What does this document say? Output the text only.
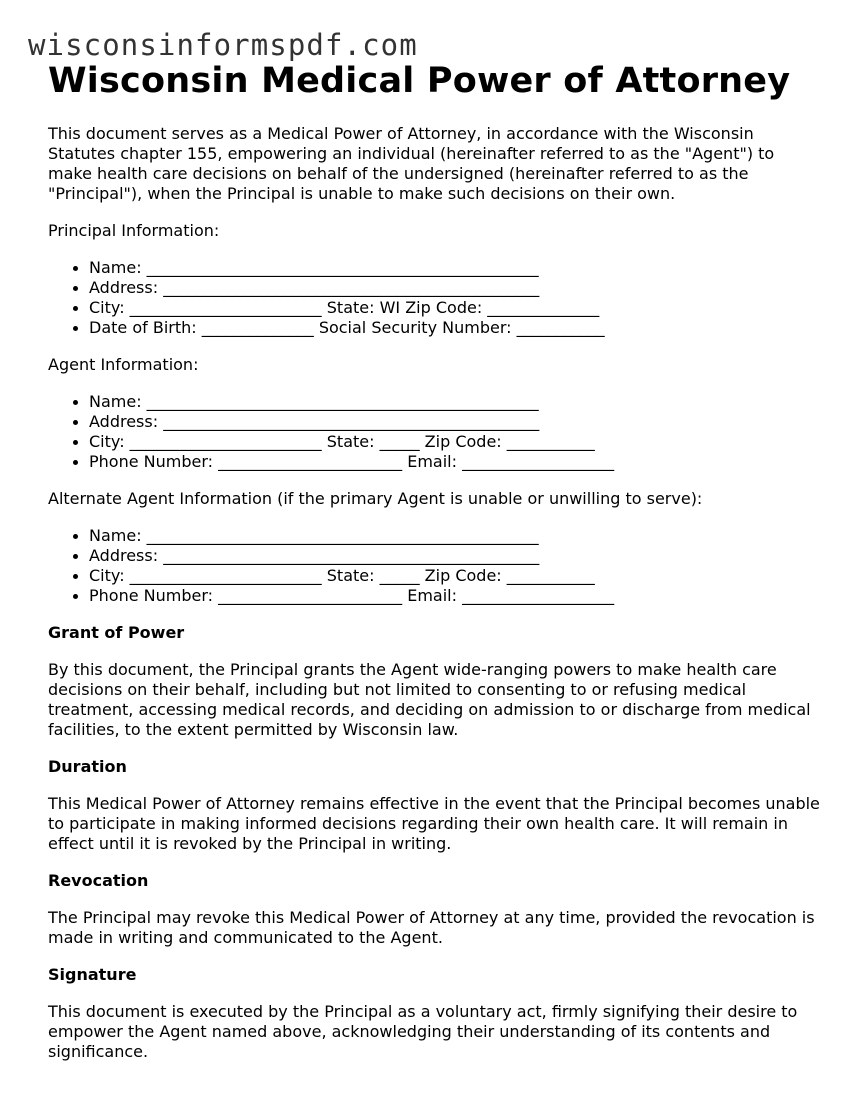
wisconsinformspdf.com
Wisconsin Medical Power of Attorney

This document serves as a Medical Power of Attorney, in accordance with the Wisconsin Statutes chapter 155, empowering an individual (hereinafter referred to as the "Agent") to make health care decisions on behalf of the undersigned (hereinafter referred to as the "Principal"), when the Principal is unable to make such decisions on their own.

Principal Information:

Name: _________________________________________________
Address: _______________________________________________
City: ________________________ State: WI Zip Code: ______________
Date of Birth: ______________ Social Security Number: ___________

Agent Information:

Name: _________________________________________________
Address: _______________________________________________
City: ________________________ State: _____ Zip Code: ___________
Phone Number: _______________________ Email: ___________________

Alternate Agent Information (if the primary Agent is unable or unwilling to serve):

Name: _________________________________________________
Address: _______________________________________________
City: ________________________ State: _____ Zip Code: ___________
Phone Number: _______________________ Email: ___________________
Grant of Power

By this document, the Principal grants the Agent wide-ranging powers to make health care decisions on their behalf, including but not limited to consenting to or refusing medical treatment, accessing medical records, and deciding on admission to or discharge from medical facilities, to the extent permitted by Wisconsin law.

Duration

This Medical Power of Attorney remains effective in the event that the Principal becomes unable to participate in making informed decisions regarding their own health care. It will remain in effect until it is revoked by the Principal in writing.

Revocation

The Principal may revoke this Medical Power of Attorney at any time, provided the revocation is made in writing and communicated to the Agent.

Signature

This document is executed by the Principal as a voluntary act, firmly signifying their desire to empower the Agent named above, acknowledging their understanding of its contents and significance.
